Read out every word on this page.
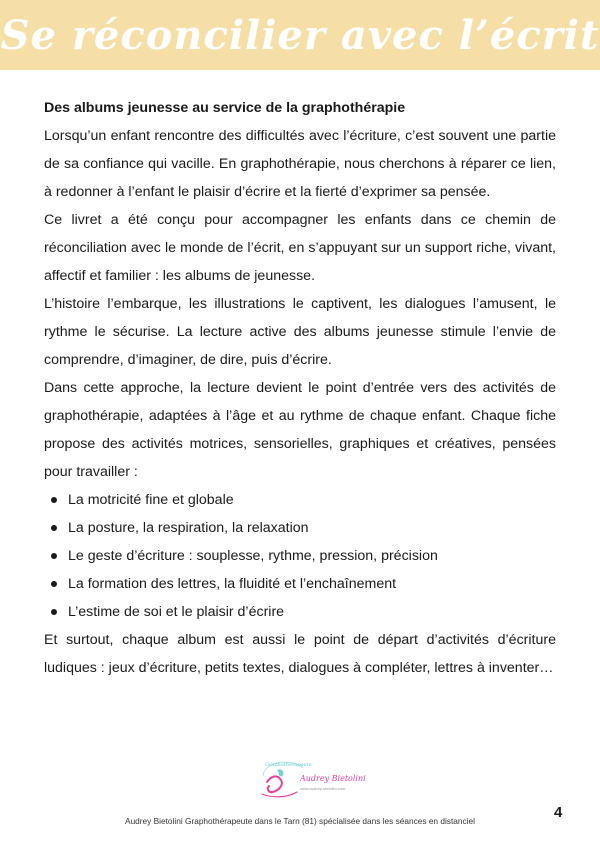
Se réconcilier avec l’écrit
Des albums jeunesse au service de la graphothérapie

Lorsqu’un enfant rencontre des difficultés avec l’écriture, c’est souvent une partie de sa confiance qui vacille. En graphothérapie, nous cherchons à réparer ce lien, à redonner à l’enfant le plaisir d’écrire et la fierté d’exprimer sa pensée.

Ce livret a été conçu pour accompagner les enfants dans ce chemin de réconciliation avec le monde de l’écrit, en s’appuyant sur un support riche, vivant, affectif et familier : les albums de jeunesse.

L’histoire l’embarque, les illustrations le captivent, les dialogues l’amusent, le rythme le sécurise. La lecture active des albums jeunesse stimule l’envie de comprendre, d’imaginer, de dire, puis d’écrire.

Dans cette approche, la lecture devient le point d’entrée vers des activités de graphothérapie, adaptées à l’âge et au rythme de chaque enfant. Chaque fiche propose des activités motrices, sensorielles, graphiques et créatives, pensées pour travailler :

La motricité fine et globale
La posture, la respiration, la relaxation
Le geste d’écriture : souplesse, rythme, pression, précision
La formation des lettres, la fluidité et l’enchaînement
L’estime de soi et le plaisir d’écrire

Et surtout, chaque album est aussi le point de départ d’activités d’écriture ludiques : jeux d’écriture, petits textes, dialogues à compléter, lettres à inventer…

Graphothérapeute
Audrey Bietolini
www.audrey-bietolini.com
Audrey Bietolini Graphothérapeute dans le Tarn (81) spécialisée dans les séances en distanciel	4
